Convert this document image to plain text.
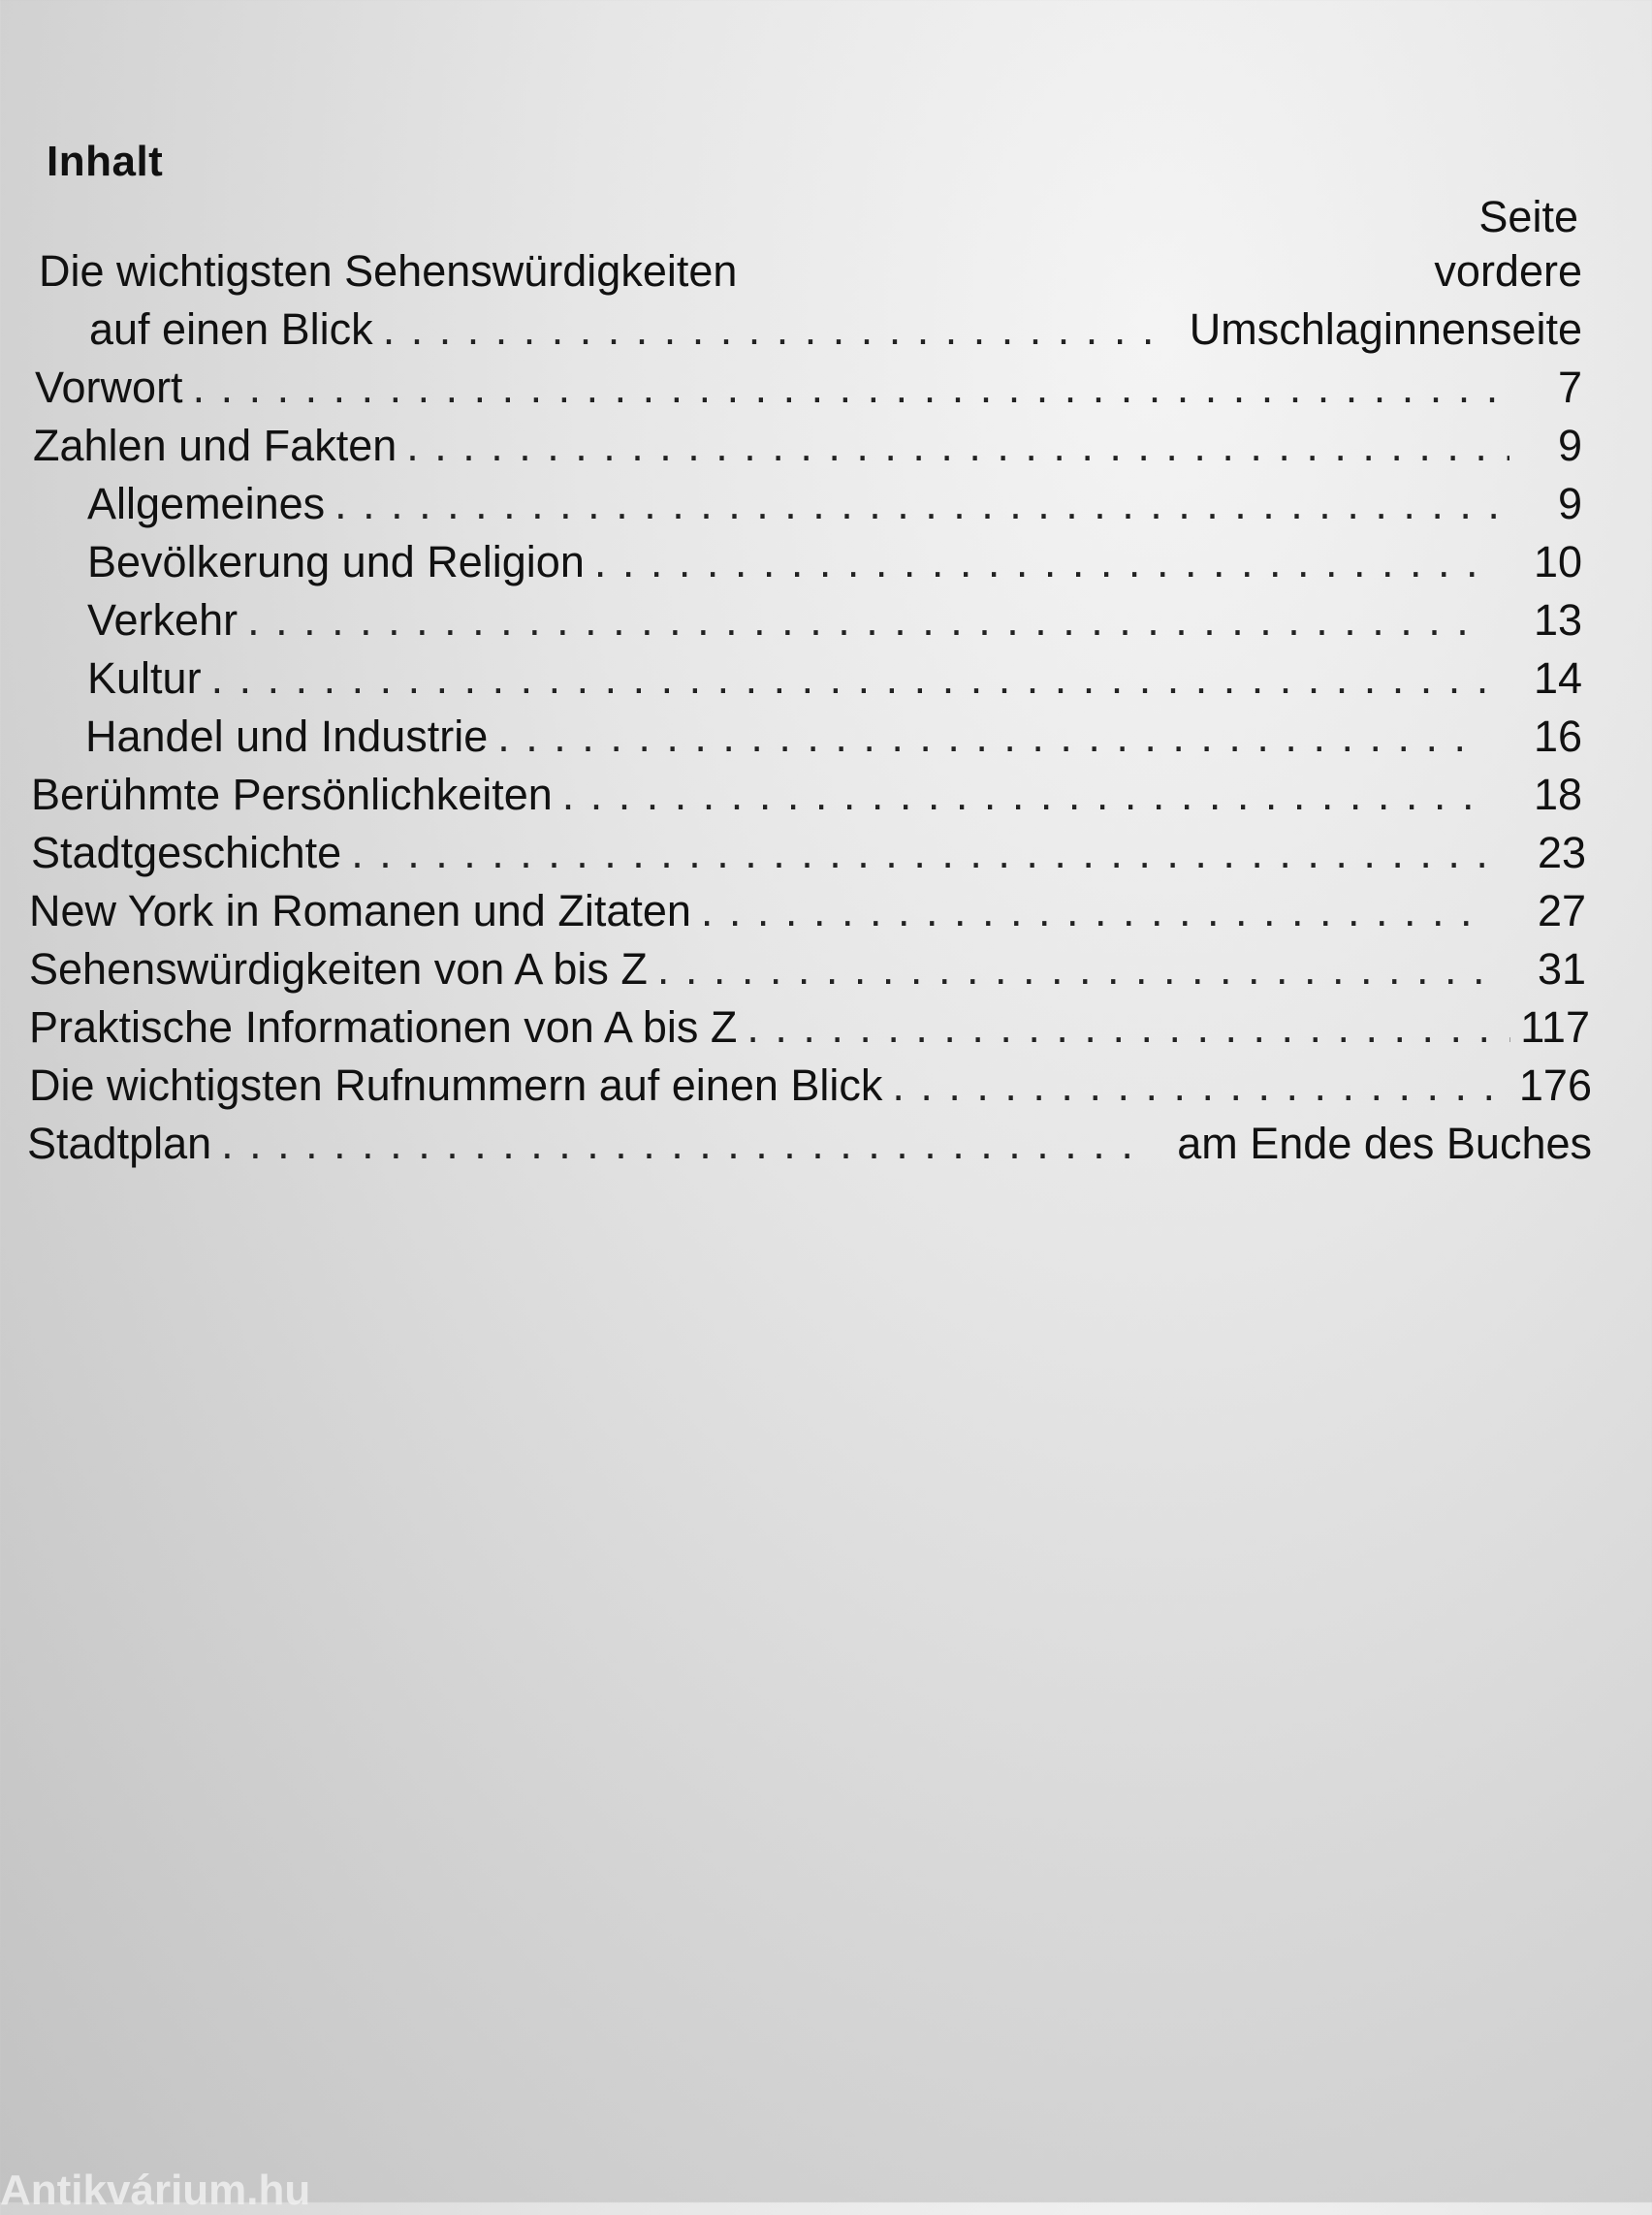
Inhalt
Seite
Die wichtigsten Sehenswürdigkeiten	vordere
auf einen Blick . . .	Umschlaginnenseite
Vorwort . . .	7
Zahlen und Fakten . . .	9
Allgemeines . . .	9
Bevölkerung und Religion . . .	10
Verkehr . . .	13
Kultur . . .	14
Handel und Industrie . . .	16
Berühmte Persönlichkeiten . . .	18
Stadtgeschichte . . .	23
New York in Romanen und Zitaten . . .	27
Sehenswürdigkeiten von A bis Z . . .	31
Praktische Informationen von A bis Z . . .	117
Die wichtigsten Rufnummern auf einen Blick . . .	176
Stadtplan . . .	am Ende des Buches
Antikvárium.hu
